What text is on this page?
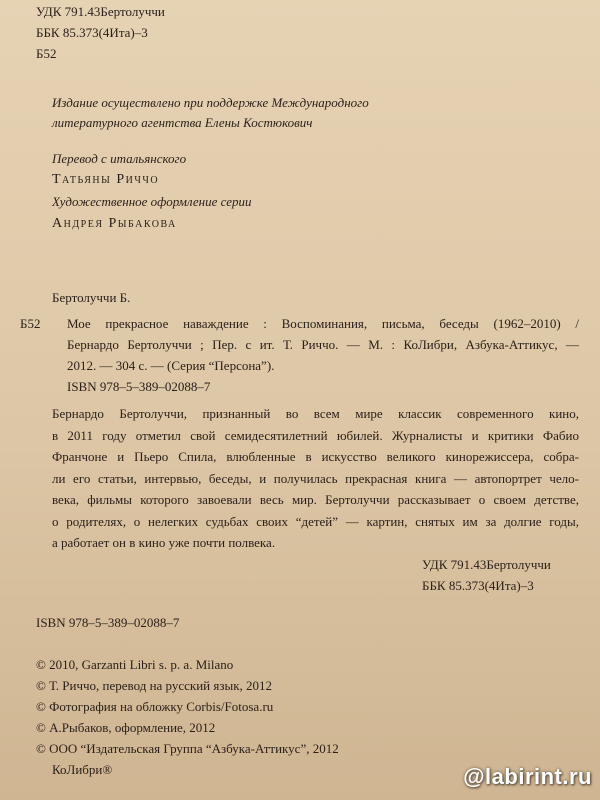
УДК 791.43Бертолуччи
ББК 85.373(4Ита)–3
Б52
Издание осуществлено при поддержке Международного
литературного агентства Елены Костюкович
Перевод с итальянского
Татьяны Риччо
Художественное оформление серии
Андрея Рыбакова
Бертолуччи Б.
Б52 Мое прекрасное наваждение : Воспоминания, письма, беседы (1962–2010) /
Бернардо Бертолуччи ; Пер. с ит. Т. Риччо. — М. : КоЛибри, Азбука-Аттикус, —
2012. — 304 с. — (Серия “Персона”).
ISBN 978–5–389–02088–7
Бернардо Бертолуччи, признанный во всем мире классик современного кино,
в 2011 году отметил свой семидесятилетний юбилей. Журналисты и критики Фабио
Франчоне и Пьеро Спила, влюбленные в искусство великого кинорежиссера, собра-
ли его статьи, интервью, беседы, и получилась прекрасная книга — автопортрет чело-
века, фильмы которого завоевали весь мир. Бертолуччи рассказывает о своем детстве,
о родителях, о нелегких судьбах своих “детей” — картин, снятых им за долгие годы,
а работает он в кино уже почти полвека.
УДК 791.43Бертолуччи
ББК 85.373(4Ита)–3
ISBN 978–5–389–02088–7
© 2010, Garzanti Libri s. p. a. Milano
© Т. Риччо, перевод на русский язык, 2012
© Фотография на обложку Corbis/Fotosa.ru
© А.Рыбаков, оформление, 2012
© ООО “Издательская Группа “Азбука-Аттикус”, 2012
КоЛибри®	@labirint.ru
